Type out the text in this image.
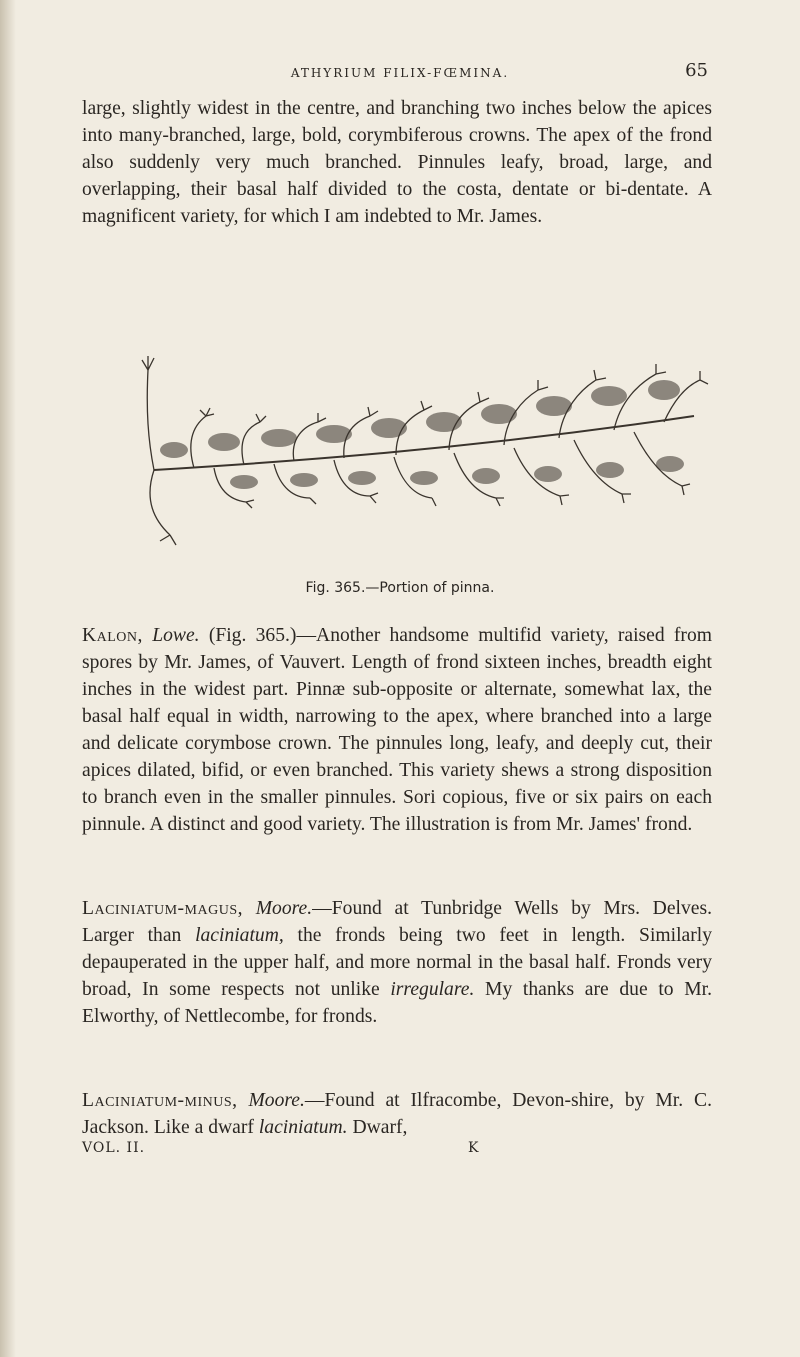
ATHYRIUM FILIX-FŒMINA.	65

large, slightly widest in the centre, and branching two inches below the apices into many-branched, large, bold, corymbiferous crowns. The apex of the frond also suddenly very much branched. Pinnules leafy, broad, large, and overlapping, their basal half divided to the costa, dentate or bi-dentate. A magnificent variety, for which I am indebted to Mr. James.

Fig. 365.—Portion of pinna.

Kalon, Lowe. (Fig. 365.)—Another handsome multifid variety, raised from spores by Mr. James, of Vauvert. Length of frond sixteen inches, breadth eight inches in the widest part. Pinnæ sub-opposite or alternate, somewhat lax, the basal half equal in width, narrowing to the apex, where branched into a large and delicate corymbose crown. The pinnules long, leafy, and deeply cut, their apices dilated, bifid, or even branched. This variety shews a strong disposition to branch even in the smaller pinnules. Sori copious, five or six pairs on each pinnule. A distinct and good variety. The illustration is from Mr. James' frond.

Laciniatum-magus, Moore.—Found at Tunbridge Wells by Mrs. Delves. Larger than laciniatum, the fronds being two feet in length. Similarly depauperated in the upper half, and more normal in the basal half. Fronds very broad, In some respects not unlike irregulare. My thanks are due to Mr. Elworthy, of Nettlecombe, for fronds.

Laciniatum-minus, Moore.—Found at Ilfracombe, Devon-shire, by Mr. C. Jackson. Like a dwarf laciniatum. Dwarf,

VOL. II.	K
